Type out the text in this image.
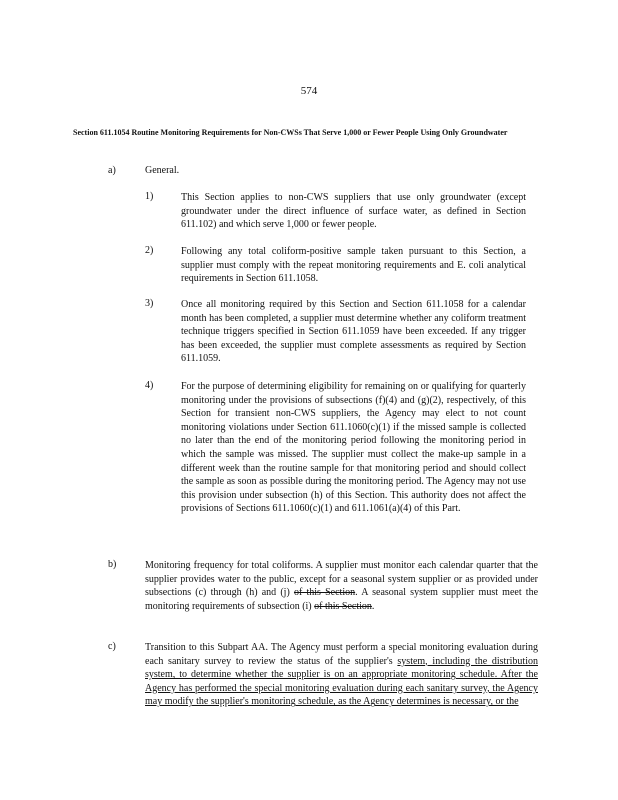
574
Section 611.1054 Routine Monitoring Requirements for Non-CWSs That Serve 1,000 or Fewer People Using Only Groundwater
a)	General.
1)	This Section applies to non-CWS suppliers that use only groundwater (except groundwater under the direct influence of surface water, as defined in Section 611.102) and which serve 1,000 or fewer people.
2)	Following any total coliform-positive sample taken pursuant to this Section, a supplier must comply with the repeat monitoring requirements and E. coli analytical requirements in Section 611.1058.
3)	Once all monitoring required by this Section and Section 611.1058 for a calendar month has been completed, a supplier must determine whether any coliform treatment technique triggers specified in Section 611.1059 have been exceeded. If any trigger has been exceeded, the supplier must complete assessments as required by Section 611.1059.
4)	For the purpose of determining eligibility for remaining on or qualifying for quarterly monitoring under the provisions of subsections (f)(4) and (g)(2), respectively, of this Section for transient non-CWS suppliers, the Agency may elect to not count monitoring violations under Section 611.1060(c)(1) if the missed sample is collected no later than the end of the monitoring period following the monitoring period in which the sample was missed. The supplier must collect the make-up sample in a different week than the routine sample for that monitoring period and should collect the sample as soon as possible during the monitoring period. The Agency may not use this provision under subsection (h) of this Section. This authority does not affect the provisions of Sections 611.1060(c)(1) and 611.1061(a)(4) of this Part.
b)	Monitoring frequency for total coliforms. A supplier must monitor each calendar quarter that the supplier provides water to the public, except for a seasonal system supplier or as provided under subsections (c) through (h) and (j) of this Section. A seasonal system supplier must meet the monitoring requirements of subsection (i) of this Section.
c)	Transition to this Subpart AA. The Agency must perform a special monitoring evaluation during each sanitary survey to review the status of the supplier's system, including the distribution system, to determine whether the supplier is on an appropriate monitoring schedule. After the Agency has performed the special monitoring evaluation during each sanitary survey, the Agency may modify the supplier's monitoring schedule, as the Agency determines is necessary, or the
